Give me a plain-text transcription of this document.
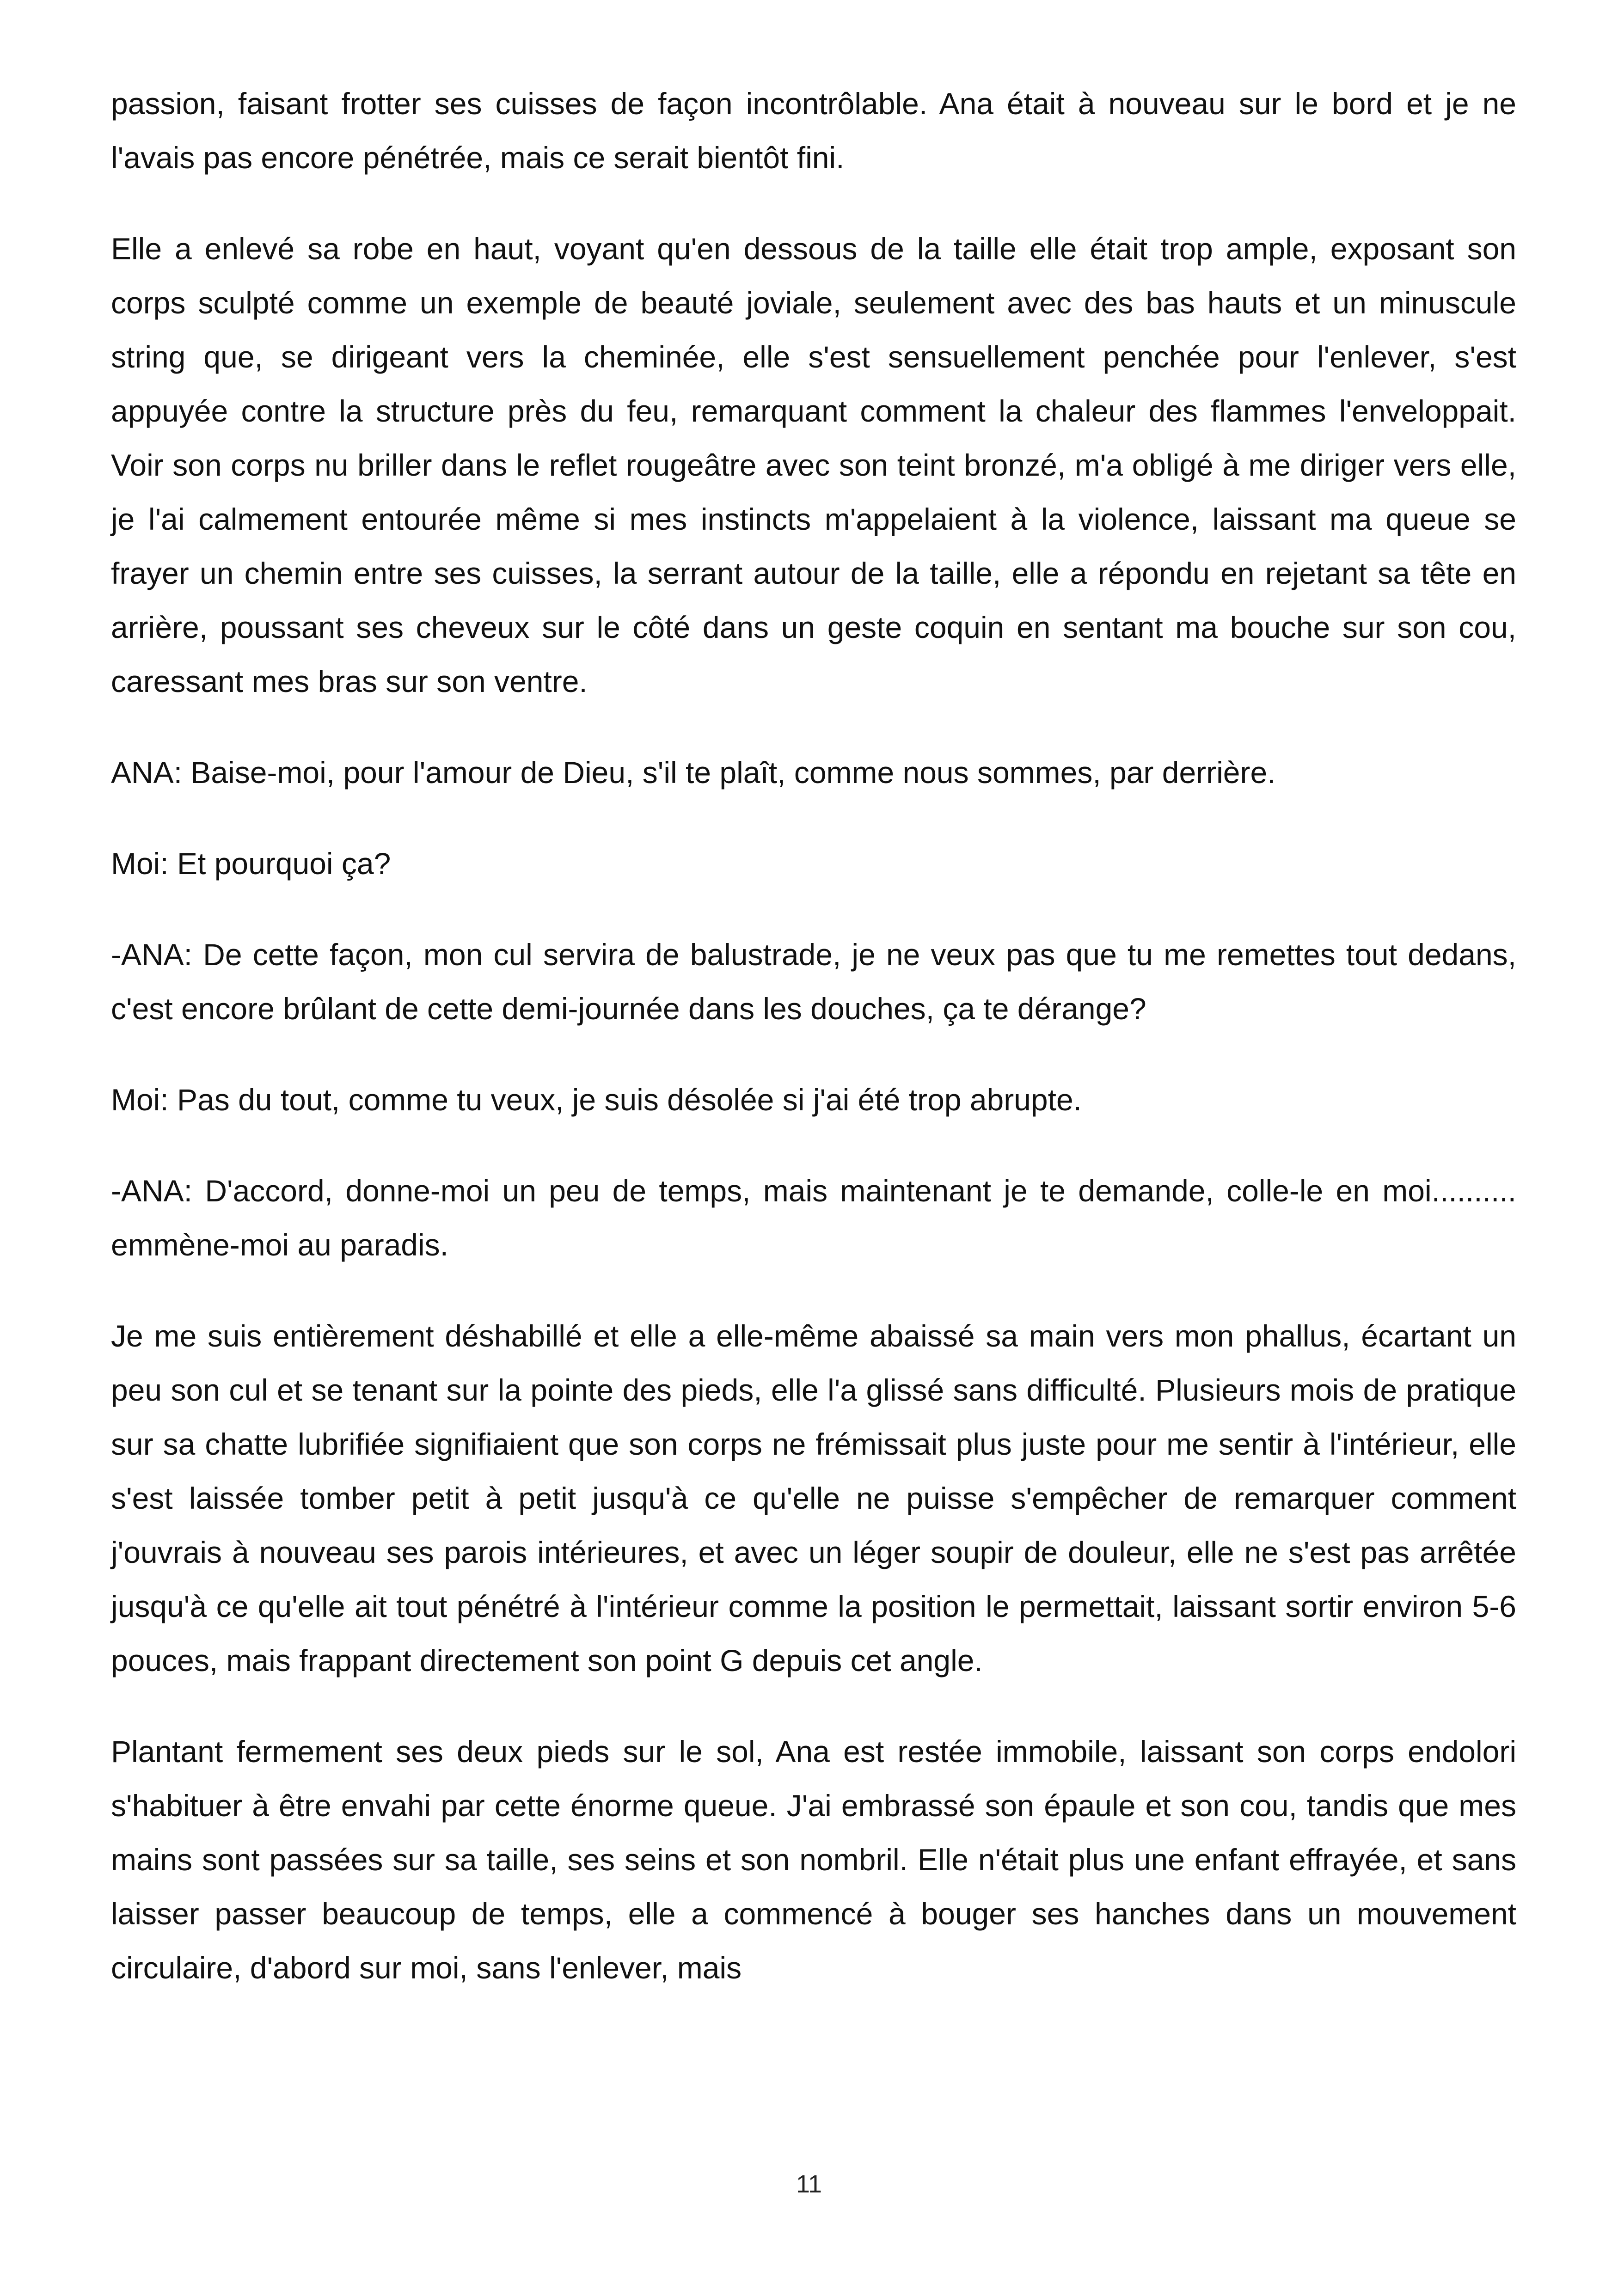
passion, faisant frotter ses cuisses de façon incontrôlable. Ana était à nouveau sur le bord et je ne l'avais pas encore pénétrée, mais ce serait bientôt fini.

Elle a enlevé sa robe en haut, voyant qu'en dessous de la taille elle était trop ample, exposant son corps sculpté comme un exemple de beauté joviale, seulement avec des bas hauts et un minuscule string que, se dirigeant vers la cheminée, elle s'est sensuellement penchée pour l'enlever, s'est appuyée contre la structure près du feu, remarquant comment la chaleur des flammes l'enveloppait. Voir son corps nu briller dans le reflet rougeâtre avec son teint bronzé, m'a obligé à me diriger vers elle, je l'ai calmement entourée même si mes instincts m'appelaient à la violence, laissant ma queue se frayer un chemin entre ses cuisses, la serrant autour de la taille, elle a répondu en rejetant sa tête en arrière, poussant ses cheveux sur le côté dans un geste coquin en sentant ma bouche sur son cou, caressant mes bras sur son ventre.

ANA: Baise-moi, pour l'amour de Dieu, s'il te plaît, comme nous sommes, par derrière.

Moi: Et pourquoi ça?

-ANA: De cette façon, mon cul servira de balustrade, je ne veux pas que tu me remettes tout dedans, c'est encore brûlant de cette demi-journée dans les douches, ça te dérange?

Moi: Pas du tout, comme tu veux, je suis désolée si j'ai été trop abrupte.

-ANA: D'accord, donne-moi un peu de temps, mais maintenant je te demande, colle-le en moi.......... emmène-moi au paradis.

Je me suis entièrement déshabillé et elle a elle-même abaissé sa main vers mon phallus, écartant un peu son cul et se tenant sur la pointe des pieds, elle l'a glissé sans difficulté. Plusieurs mois de pratique sur sa chatte lubrifiée signifiaient que son corps ne frémissait plus juste pour me sentir à l'intérieur, elle s'est laissée tomber petit à petit jusqu'à ce qu'elle ne puisse s'empêcher de remarquer comment j'ouvrais à nouveau ses parois intérieures, et avec un léger soupir de douleur, elle ne s'est pas arrêtée jusqu'à ce qu'elle ait tout pénétré à l'intérieur comme la position le permettait, laissant sortir environ 5-6 pouces, mais frappant directement son point G depuis cet angle.

Plantant fermement ses deux pieds sur le sol, Ana est restée immobile, laissant son corps endolori s'habituer à être envahi par cette énorme queue. J'ai embrassé son épaule et son cou, tandis que mes mains sont passées sur sa taille, ses seins et son nombril. Elle n'était plus une enfant effrayée, et sans laisser passer beaucoup de temps, elle a commencé à bouger ses hanches dans un mouvement circulaire, d'abord sur moi, sans l'enlever, mais

11
